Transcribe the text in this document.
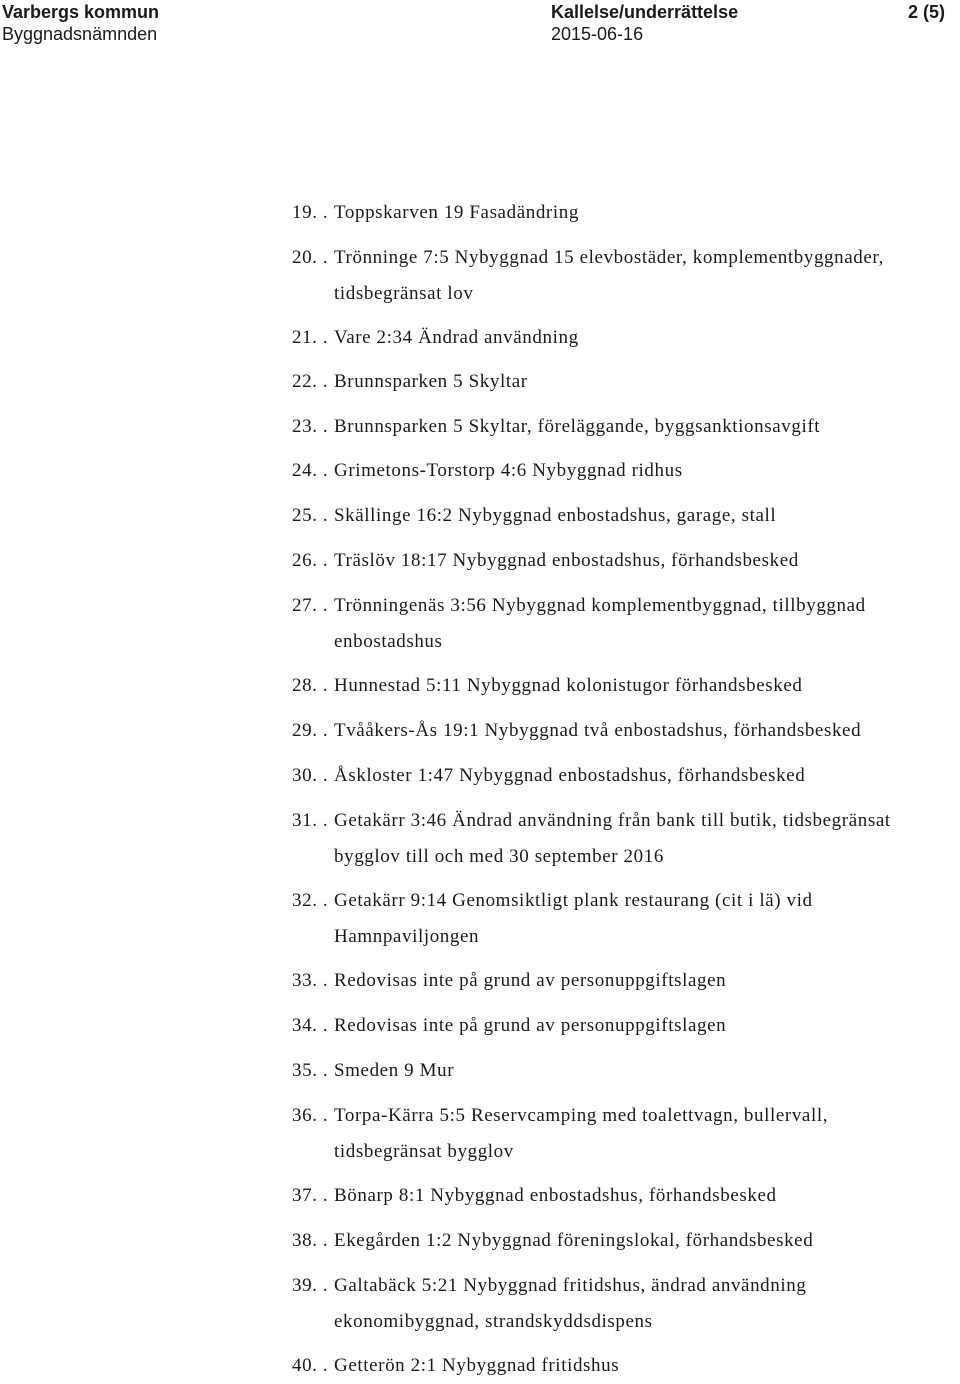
Varbergs kommun
Byggnadsnämnden
Kallelse/underrättelse
2015-06-16
2 (5)
19. . Toppskarven 19 Fasadändring
20. . Trönninge 7:5 Nybyggnad 15 elevbostäder, komplementbyggnader,
tidsbegränsat lov
21. . Vare 2:34 Ändrad användning
22. . Brunnsparken 5 Skyltar
23. . Brunnsparken 5 Skyltar, föreläggande, byggsanktionsavgift
24. . Grimetons-Torstorp 4:6 Nybyggnad ridhus
25. . Skällinge 16:2 Nybyggnad enbostadshus, garage, stall
26. . Träslöv 18:17 Nybyggnad enbostadshus, förhandsbesked
27. . Trönningenäs 3:56 Nybyggnad komplementbyggnad, tillbyggnad
enbostadshus
28. . Hunnestad 5:11 Nybyggnad kolonistugor förhandsbesked
29. . Tvååkers-Ås 19:1 Nybyggnad två enbostadshus, förhandsbesked
30. . Åskloster 1:47 Nybyggnad enbostadshus, förhandsbesked
31. . Getakärr 3:46 Ändrad användning från bank till butik, tidsbegränsat
bygglov till och med 30 september 2016
32. . Getakärr 9:14 Genomsiktligt plank restaurang (cit i lä) vid
Hamnpaviljongen
33. . Redovisas inte på grund av personuppgiftslagen
34. . Redovisas inte på grund av personuppgiftslagen
35. . Smeden 9 Mur
36. . Torpa-Kärra 5:5 Reservcamping med toalettvagn, bullervall,
tidsbegränsat bygglov
37. . Bönarp 8:1 Nybyggnad enbostadshus, förhandsbesked
38. . Ekegården 1:2 Nybyggnad föreningslokal, förhandsbesked
39. . Galtabäck 5:21 Nybyggnad fritidshus, ändrad användning
ekonomibyggnad, strandskyddsdispens
40. . Getterön 2:1 Nybyggnad fritidshus
